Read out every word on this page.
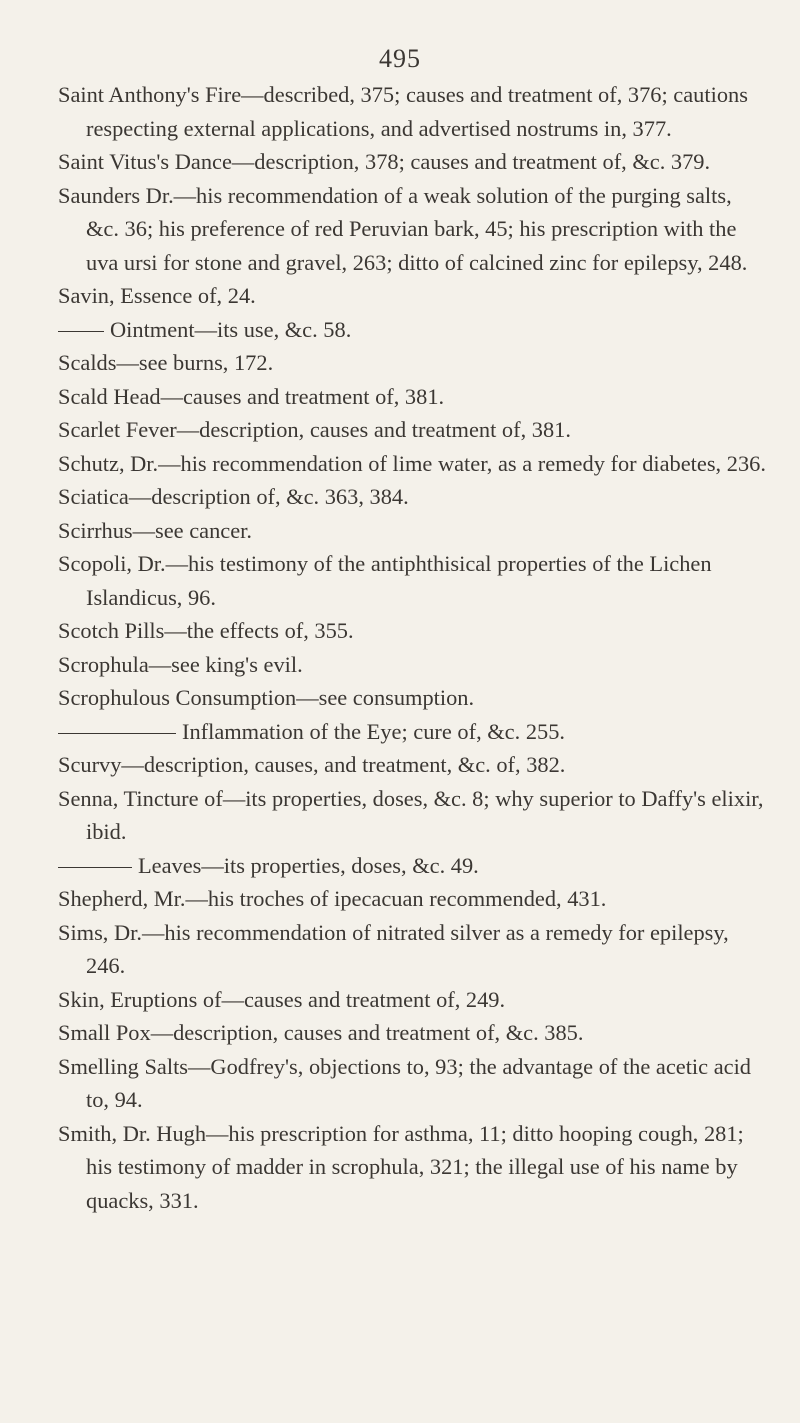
495

Saint Anthony's Fire—described, 375; causes and treatment of, 376; cautions respecting external applications, and advertised nostrums in, 377.

Saint Vitus's Dance—description, 378; causes and treatment of, &c. 379.

Saunders Dr.—his recommendation of a weak solution of the purging salts, &c. 36; his preference of red Peruvian bark, 45; his prescription with the uva ursi for stone and gravel, 263; ditto of calcined zinc for epilepsy, 248.

Savin, Essence of, 24.

Ointment—its use, &c. 58.

Scalds—see burns, 172.

Scald Head—causes and treatment of, 381.

Scarlet Fever—description, causes and treatment of, 381.

Schutz, Dr.—his recommendation of lime water, as a remedy for diabetes, 236.

Sciatica—description of, &c. 363, 384.

Scirrhus—see cancer.

Scopoli, Dr.—his testimony of the antiphthisical properties of the Lichen Islandicus, 96.

Scotch Pills—the effects of, 355.

Scrophula—see king's evil.

Scrophulous Consumption—see consumption.

Inflammation of the Eye; cure of, &c. 255.

Scurvy—description, causes, and treatment, &c. of, 382.

Senna, Tincture of—its properties, doses, &c. 8; why superior to Daffy's elixir, ibid.

Leaves—its properties, doses, &c. 49.

Shepherd, Mr.—his troches of ipecacuan recommended, 431.

Sims, Dr.—his recommendation of nitrated silver as a remedy for epilepsy, 246.

Skin, Eruptions of—causes and treatment of, 249.

Small Pox—description, causes and treatment of, &c. 385.

Smelling Salts—Godfrey's, objections to, 93; the advantage of the acetic acid to, 94.

Smith, Dr. Hugh—his prescription for asthma, 11; ditto hooping cough, 281; his testimony of madder in scrophula, 321; the illegal use of his name by quacks, 331.
